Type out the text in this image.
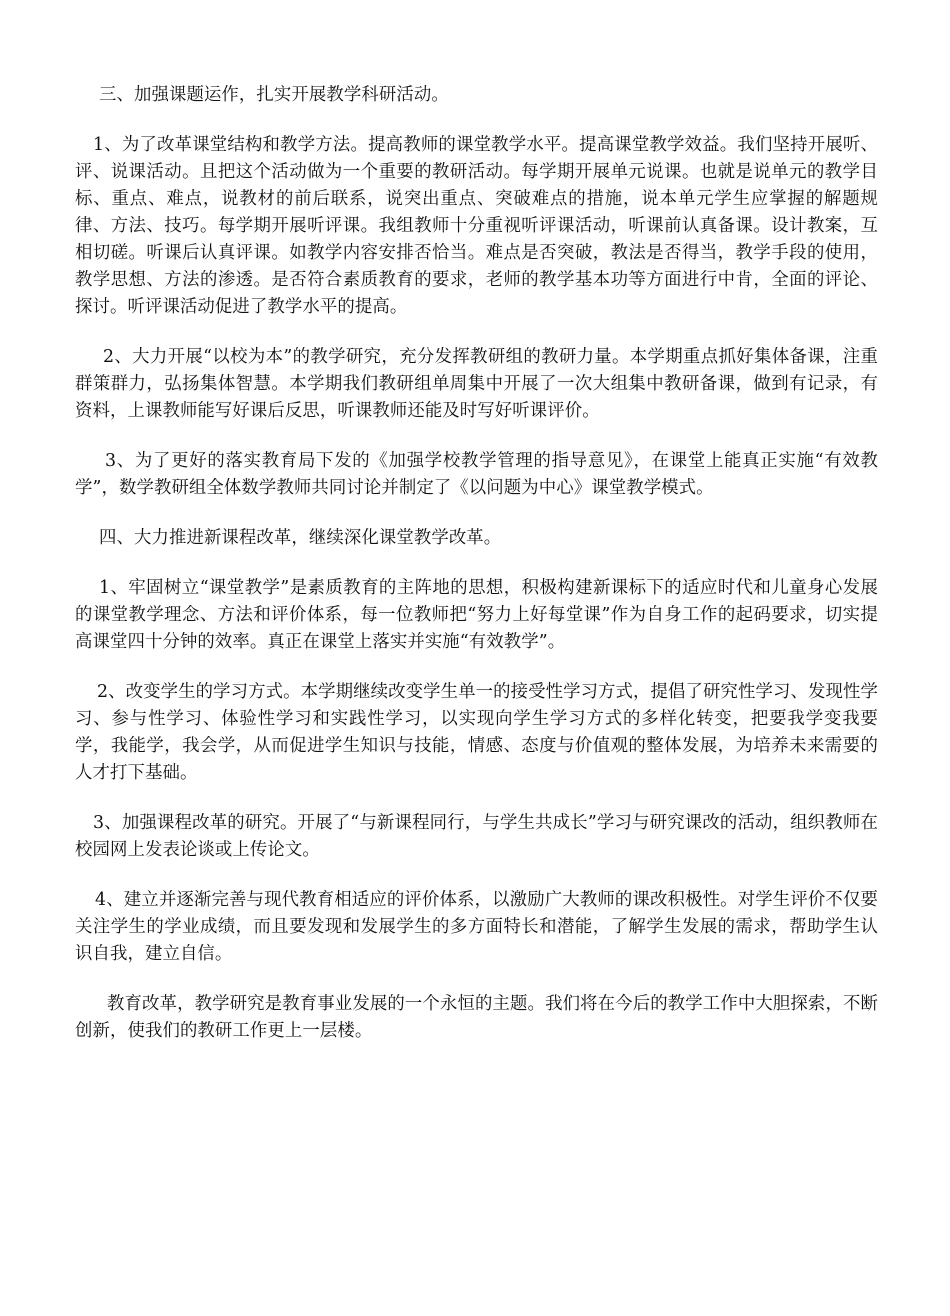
三、加强课题运作，扎实开展教学科研活动。

1、为了改革课堂结构和教学方法。提高教师的课堂教学水平。提高课堂教学效益。我们坚持开展听、评、说课活动。且把这个活动做为一个重要的教研活动。每学期开展单元说课。也就是说单元的教学目标、重点、难点，说教材的前后联系，说突出重点、突破难点的措施，说本单元学生应掌握的解题规律、方法、技巧。每学期开展听评课。我组教师十分重视听评课活动，听课前认真备课。设计教案，互相切磋。听课后认真评课。如教学内容安排否恰当。难点是否突破，教法是否得当，教学手段的使用，教学思想、方法的渗透。是否符合素质教育的要求，老师的教学基本功等方面进行中肯，全面的评论、探讨。听评课活动促进了教学水平的提高。

2、大力开展“以校为本”的教学研究，充分发挥教研组的教研力量。本学期重点抓好集体备课，注重群策群力，弘扬集体智慧。本学期我们教研组单周集中开展了一次大组集中教研备课，做到有记录，有资料，上课教师能写好课后反思，听课教师还能及时写好听课评价。

3、为了更好的落实教育局下发的《加强学校教学管理的指导意见》，在课堂上能真正实施“有效教学”，数学教研组全体数学教师共同讨论并制定了《以问题为中心》课堂教学模式。

四、大力推进新课程改革，继续深化课堂教学改革。

1、牢固树立“课堂教学”是素质教育的主阵地的思想，积极构建新课标下的适应时代和儿童身心发展的课堂教学理念、方法和评价体系，每一位教师把“努力上好每堂课”作为自身工作的起码要求，切实提高课堂四十分钟的效率。真正在课堂上落实并实施“有效教学”。

2、改变学生的学习方式。本学期继续改变学生单一的接受性学习方式，提倡了研究性学习、发现性学习、参与性学习、体验性学习和实践性学习，以实现向学生学习方式的多样化转变，把要我学变我要学，我能学，我会学，从而促进学生知识与技能，情感、态度与价值观的整体发展，为培养未来需要的人才打下基础。

3、加强课程改革的研究。开展了“与新课程同行，与学生共成长”学习与研究课改的活动，组织教师在校园网上发表论谈或上传论文。

4、建立并逐渐完善与现代教育相适应的评价体系，以激励广大教师的课改积极性。对学生评价不仅要关注学生的学业成绩，而且要发现和发展学生的多方面特长和潜能，了解学生发展的需求，帮助学生认识自我，建立自信。

教育改革，教学研究是教育事业发展的一个永恒的主题。我们将在今后的教学工作中大胆探索，不断创新，使我们的教研工作更上一层楼。
